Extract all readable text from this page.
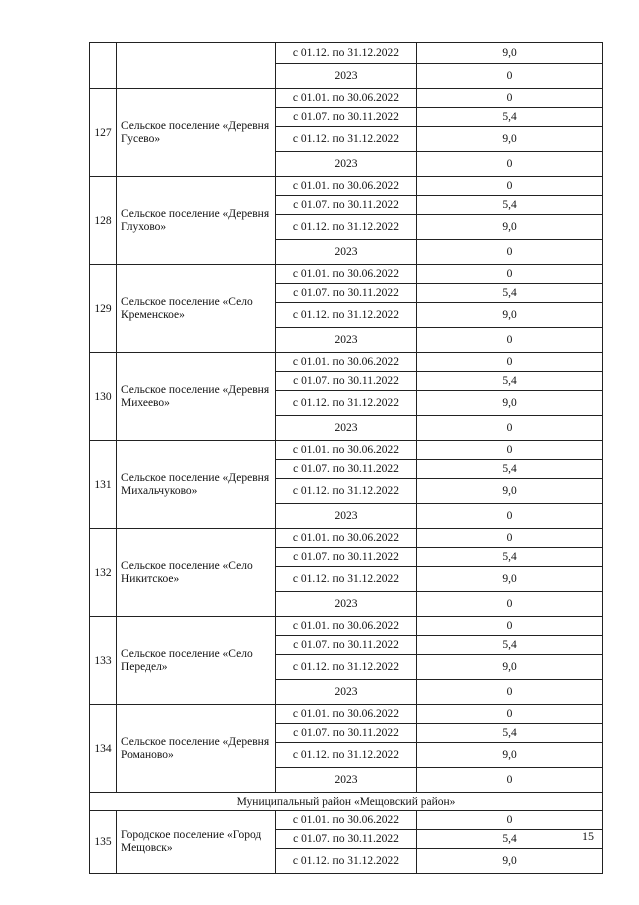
		с 01.12. по 31.12.2022	9,0
		2023	0
127	Сельское поселение «Деревня Гусево»	с 01.01. по 30.06.2022	0
		с 01.07. по 30.11.2022	5,4
		с 01.12. по 31.12.2022	9,0
		2023	0
128	Сельское поселение «Деревня Глухово»	с 01.01. по 30.06.2022	0
		с 01.07. по 30.11.2022	5,4
		с 01.12. по 31.12.2022	9,0
		2023	0
129	Сельское поселение «Село Кременское»	с 01.01. по 30.06.2022	0
		с 01.07. по 30.11.2022	5,4
		с 01.12. по 31.12.2022	9,0
		2023	0
130	Сельское поселение «Деревня Михеево»	с 01.01. по 30.06.2022	0
		с 01.07. по 30.11.2022	5,4
		с 01.12. по 31.12.2022	9,0
		2023	0
131	Сельское поселение «Деревня Михальчуково»	с 01.01. по 30.06.2022	0
		с 01.07. по 30.11.2022	5,4
		с 01.12. по 31.12.2022	9,0
		2023	0
132	Сельское поселение «Село Никитское»	с 01.01. по 30.06.2022	0
		с 01.07. по 30.11.2022	5,4
		с 01.12. по 31.12.2022	9,0
		2023	0
133	Сельское поселение «Село Передел»	с 01.01. по 30.06.2022	0
		с 01.07. по 30.11.2022	5,4
		с 01.12. по 31.12.2022	9,0
		2023	0
134	Сельское поселение «Деревня Романово»	с 01.01. по 30.06.2022	0
		с 01.07. по 30.11.2022	5,4
		с 01.12. по 31.12.2022	9,0
		2023	0
Муниципальный район «Мещовский район»			
135	Городское поселение «Город Мещовск»	с 01.01. по 30.06.2022	0
		с 01.07. по 30.11.2022	5,4
		с 01.12. по 31.12.2022	9,0
15
